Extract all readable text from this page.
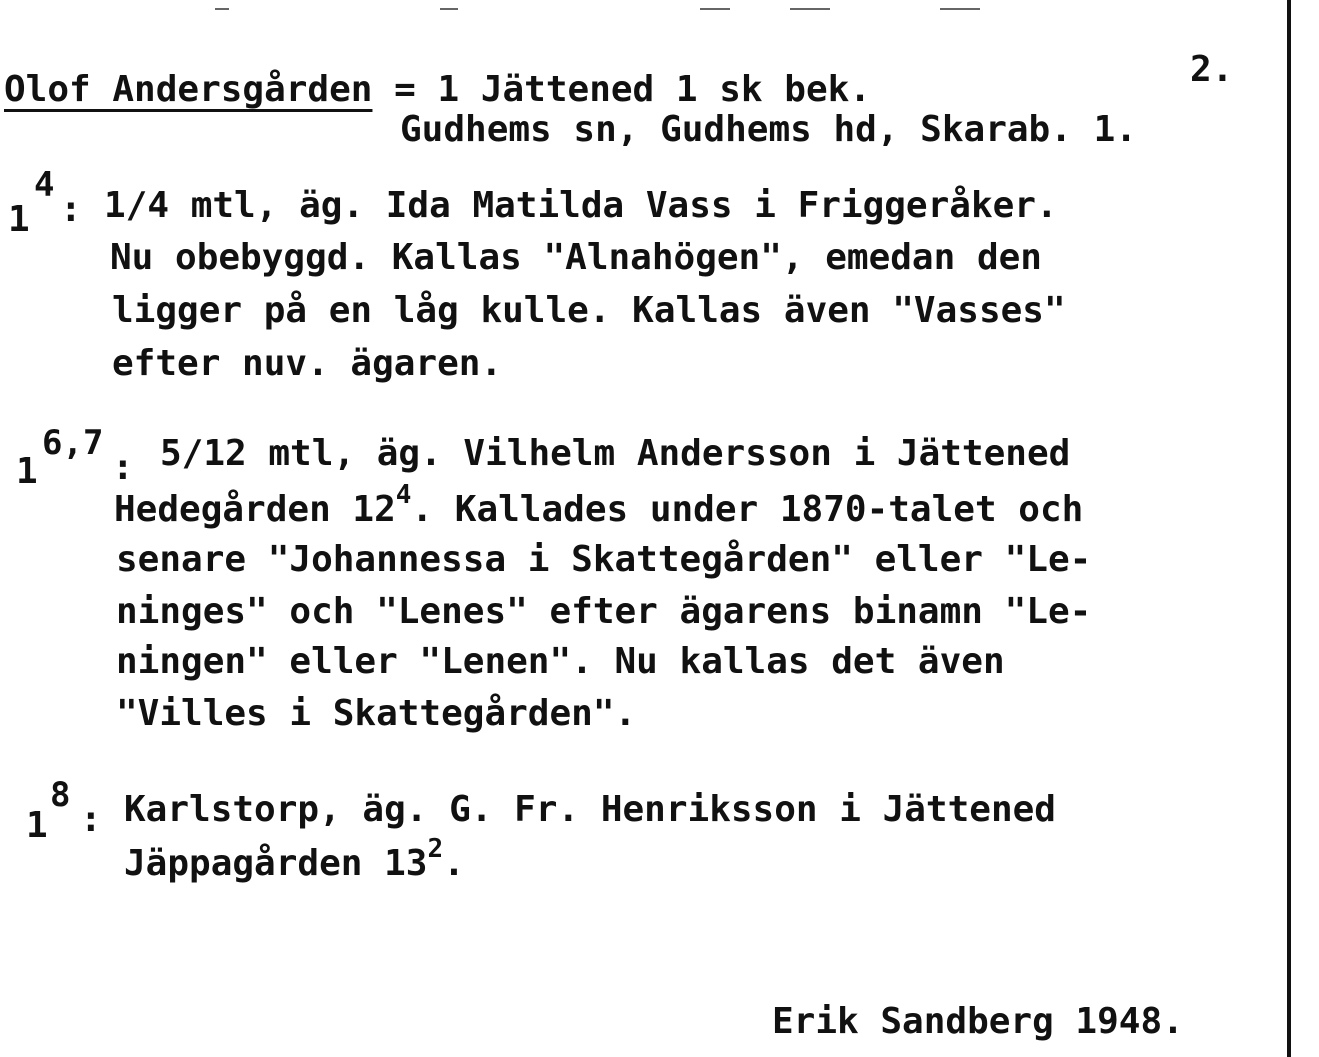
Olof Andersgården = 1 Jättened 1 sk bek.	2.
Gudhems sn, Gudhems hd, Skarab. 1.
1
4
: 1/4 mtl, äg. Ida Matilda Vass i Friggeråker.
Nu obebyggd. Kallas "Alnahögen", emedan den
ligger på en låg kulle. Kallas även "Vasses"
efter nuv. ägaren.
1
6,7
: 5/12 mtl, äg. Vilhelm Andersson i Jättened
Hedegården $12^4$. Kallades under 1870-talet och
senare "Johannessa i Skattegården" eller "Le-
ninges" och "Lenes" efter ägarens binamn "Le-
ningen" eller "Lenen". Nu kallas det även
"Villes i Skattegården".
1
8
: Karlstorp, äg. G. Fr. Henriksson i Jättened
Jäppagården $13^2$.
Erik Sandberg 1948.
